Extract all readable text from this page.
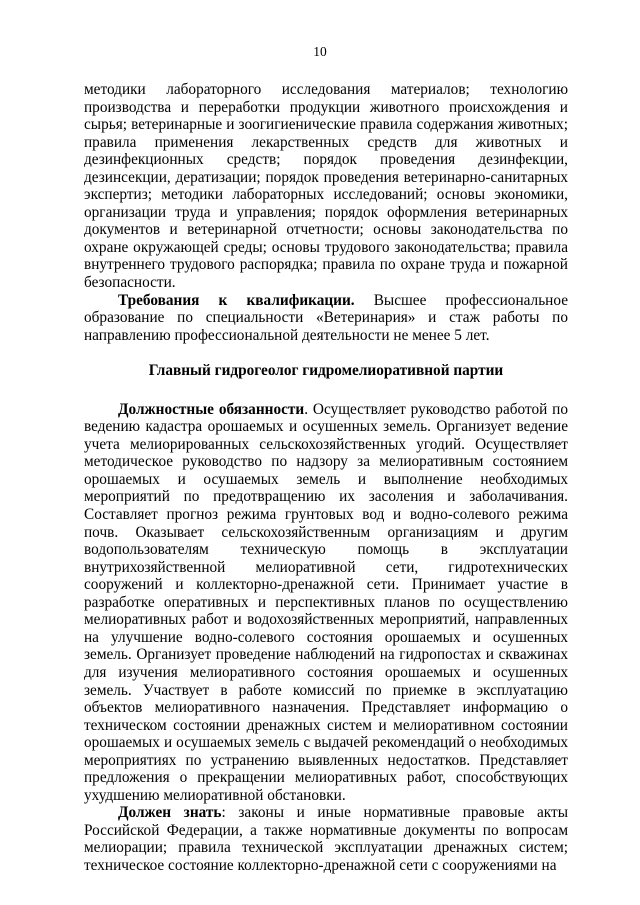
10

методики лабораторного исследования материалов; технологию производства и переработки продукции животного происхождения и сырья; ветеринарные и зоогигиенические правила содержания животных; правила применения лекарственных средств для животных и дезинфекционных средств; порядок проведения дезинфекции, дезинсекции, дератизации; порядок проведения ветеринарно-санитарных экспертиз; методики лабораторных исследований; основы экономики, организации труда и управления; порядок оформления ветеринарных документов и ветеринарной отчетности; основы законодательства по охране окружающей среды; основы трудового законодательства; правила внутреннего трудового распорядка; правила по охране труда и пожарной безопасности.

Требования к квалификации. Высшее профессиональное образование по специальности «Ветеринария» и стаж работы по направлению профессиональной деятельности не менее 5 лет.

Главный гидрогеолог гидромелиоративной партии

Должностные обязанности. Осуществляет руководство работой по ведению кадастра орошаемых и осушенных земель. Организует ведение учета мелиорированных сельскохозяйственных угодий. Осуществляет методическое руководство по надзору за мелиоративным состоянием орошаемых и осушаемых земель и выполнение необходимых мероприятий по предотвращению их засоления и заболачивания. Составляет прогноз режима грунтовых вод и водно-солевого режима почв. Оказывает сельскохозяйственным организациям и другим водопользователям техническую помощь в эксплуатации внутрихозяйственной мелиоративной сети, гидротехнических сооружений и коллекторно-дренажной сети. Принимает участие в разработке оперативных и перспективных планов по осуществлению мелиоративных работ и водохозяйственных мероприятий, направленных на улучшение водно-солевого состояния орошаемых и осушенных земель. Организует проведение наблюдений на гидропостах и скважинах для изучения мелиоративного состояния орошаемых и осушенных земель. Участвует в работе комиссий по приемке в эксплуатацию объектов мелиоративного назначения. Представляет информацию о техническом состоянии дренажных систем и мелиоративном состоянии орошаемых и осушаемых земель с выдачей рекомендаций о необходимых мероприятиях по устранению выявленных недостатков. Представляет предложения о прекращении мелиоративных работ, способствующих ухудшению мелиоративной обстановки.

Должен знать: законы и иные нормативные правовые акты Российской Федерации, а также нормативные документы по вопросам мелиорации; правила технической эксплуатации дренажных систем; техническое состояние коллекторно-дренажной сети с сооружениями на
